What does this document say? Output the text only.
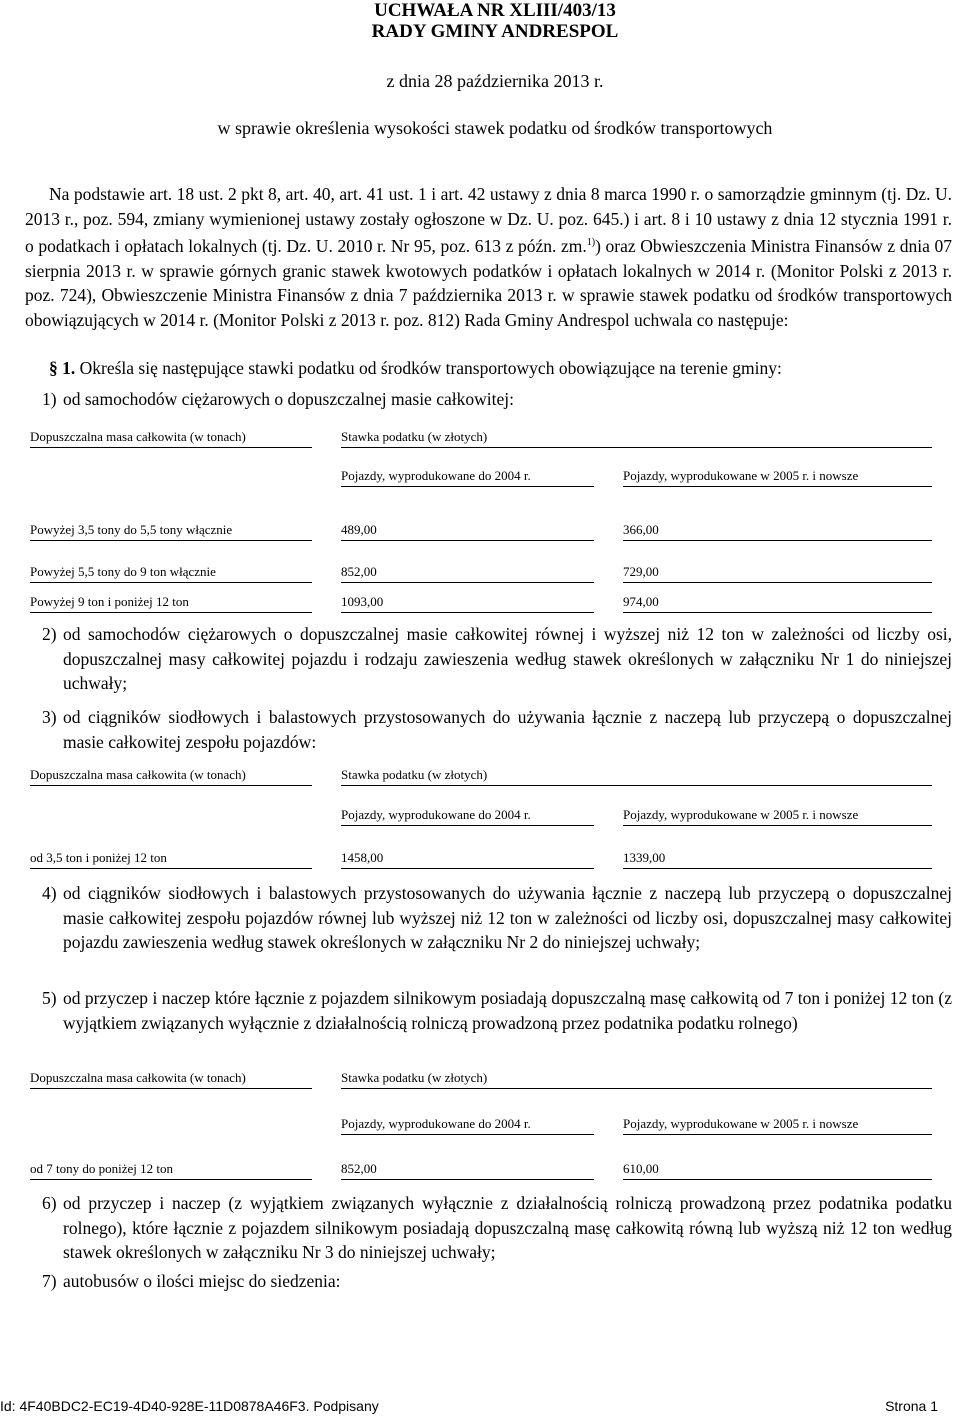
UCHWAŁA NR XLIII/403/13
RADY GMINY ANDRESPOL
z dnia 28 października 2013 r.
w sprawie określenia wysokości stawek podatku od środków transportowych
Na podstawie art. 18 ust. 2 pkt 8, art. 40, art. 41 ust. 1 i art. 42 ustawy z dnia 8 marca 1990 r. o samorządzie gminnym (tj. Dz. U. 2013 r., poz. 594, zmiany wymienionej ustawy zostały ogłoszone w Dz. U. poz. 645.) i art. 8 i 10 ustawy z dnia 12 stycznia 1991 r. o podatkach i opłatach lokalnych (tj. Dz. U. 2010 r. Nr 95, poz. 613 z późn. zm.$^{1)}$) oraz Obwieszczenia Ministra Finansów z dnia 07 sierpnia 2013 r. w sprawie górnych granic stawek kwotowych podatków i opłatach lokalnych w 2014 r. (Monitor Polski z 2013 r. poz. 724), Obwieszczenie Ministra Finansów z dnia 7 października 2013 r. w sprawie stawek podatku od środków transportowych obowiązujących w 2014 r. (Monitor Polski z 2013 r. poz. 812) Rada Gminy Andrespol uchwala co następuje:
§ 1. Określa się następujące stawki podatku od środków transportowych obowiązujące na terenie gminy:
1) od samochodów ciężarowych o dopuszczalnej masie całkowitej:
Dopuszczalna masa całkowita (w tonach)	Stawka podatku (w złotych)
Pojazdy, wyprodukowane do 2004 r.	Pojazdy, wyprodukowane w 2005 r. i nowsze
Powyżej 3,5 tony do 5,5 tony włącznie	489,00	366,00
Powyżej 5,5 tony do 9 ton włącznie	852,00	729,00
Powyżej 9 ton i poniżej 12 ton	1093,00	974,00
2) od samochodów ciężarowych o dopuszczalnej masie całkowitej równej i wyższej niż 12 ton w zależności od liczby osi, dopuszczalnej masy całkowitej pojazdu i rodzaju zawieszenia według stawek określonych w załączniku Nr 1 do niniejszej uchwały;
3) od ciągników siodłowych i balastowych przystosowanych do używania łącznie z naczepą lub przyczepą o dopuszczalnej masie całkowitej zespołu pojazdów:
Dopuszczalna masa całkowita (w tonach)	Stawka podatku (w złotych)
Pojazdy, wyprodukowane do 2004 r.	Pojazdy, wyprodukowane w 2005 r. i nowsze
od 3,5 ton i poniżej 12 ton	1458,00	1339,00
4) od ciągników siodłowych i balastowych przystosowanych do używania łącznie z naczepą lub przyczepą o dopuszczalnej masie całkowitej zespołu pojazdów równej lub wyższej niż 12 ton w zależności od liczby osi, dopuszczalnej masy całkowitej pojazdu zawieszenia według stawek określonych w załączniku Nr 2 do niniejszej uchwały;
5) od przyczep i naczep które łącznie z pojazdem silnikowym posiadają dopuszczalną masę całkowitą od 7 ton i poniżej 12 ton (z wyjątkiem związanych wyłącznie z działalnością rolniczą prowadzoną przez podatnika podatku rolnego)
Dopuszczalna masa całkowita (w tonach)	Stawka podatku (w złotych)
Pojazdy, wyprodukowane do 2004 r.	Pojazdy, wyprodukowane w 2005 r. i nowsze
od 7 tony do poniżej 12 ton	852,00	610,00
6) od przyczep i naczep (z wyjątkiem związanych wyłącznie z działalnością rolniczą prowadzoną przez podatnika podatku rolnego), które łącznie z pojazdem silnikowym posiadają dopuszczalną masę całkowitą równą lub wyższą niż 12 ton według stawek określonych w załączniku Nr 3 do niniejszej uchwały;
7) autobusów o ilości miejsc do siedzenia:
Id: 4F40BDC2-EC19-4D40-928E-11D0878A46F3. Podpisany	Strona 1
